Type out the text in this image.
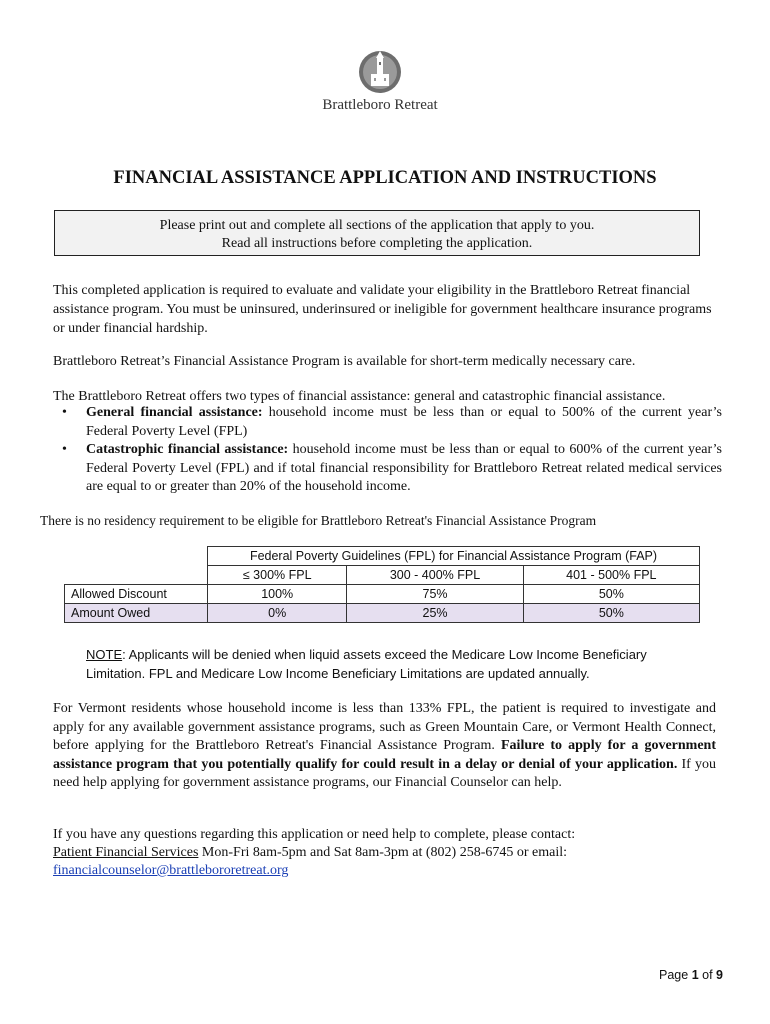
Brattleboro Retreat
FINANCIAL ASSISTANCE APPLICATION AND INSTRUCTIONS
Please print out and complete all sections of the application that apply to you.
Read all instructions before completing the application.
This completed application is required to evaluate and validate your eligibility in the Brattleboro Retreat financial assistance program. You must be uninsured, underinsured or ineligible for government healthcare insurance programs or under financial hardship.
Brattleboro Retreat’s Financial Assistance Program is available for short-term medically necessary care.
The Brattleboro Retreat offers two types of financial assistance: general and catastrophic financial assistance.
• General financial assistance: household income must be less than or equal to 500% of the current year’s Federal Poverty Level (FPL)
• Catastrophic financial assistance: household income must be less than or equal to 600% of the current year’s Federal Poverty Level (FPL) and if total financial responsibility for Brattleboro Retreat related medical services are equal to or greater than 20% of the household income.
There is no residency requirement to be eligible for Brattleboro Retreat's Financial Assistance Program
	Federal Poverty Guidelines (FPL) for Financial Assistance Program (FAP)		
	≤ 300% FPL	300 - 400% FPL	401 - 500% FPL
Allowed Discount	100%	75%	50%
Amount Owed	0%	25%	50%
NOTE: Applicants will be denied when liquid assets exceed the Medicare Low Income Beneficiary Limitation. FPL and Medicare Low Income Beneficiary Limitations are updated annually.
For Vermont residents whose household income is less than 133% FPL, the patient is required to investigate and apply for any available government assistance programs, such as Green Mountain Care, or Vermont Health Connect, before applying for the Brattleboro Retreat's Financial Assistance Program. Failure to apply for a government assistance program that you potentially qualify for could result in a delay or denial of your application. If you need help applying for government assistance programs, our Financial Counselor can help.
If you have any questions regarding this application or need help to complete, please contact:
Patient Financial Services Mon-Fri 8am-5pm and Sat 8am-3pm at (802) 258-6745 or email:
financialcounselor@brattlebororetreat.org
Page 1 of 9
